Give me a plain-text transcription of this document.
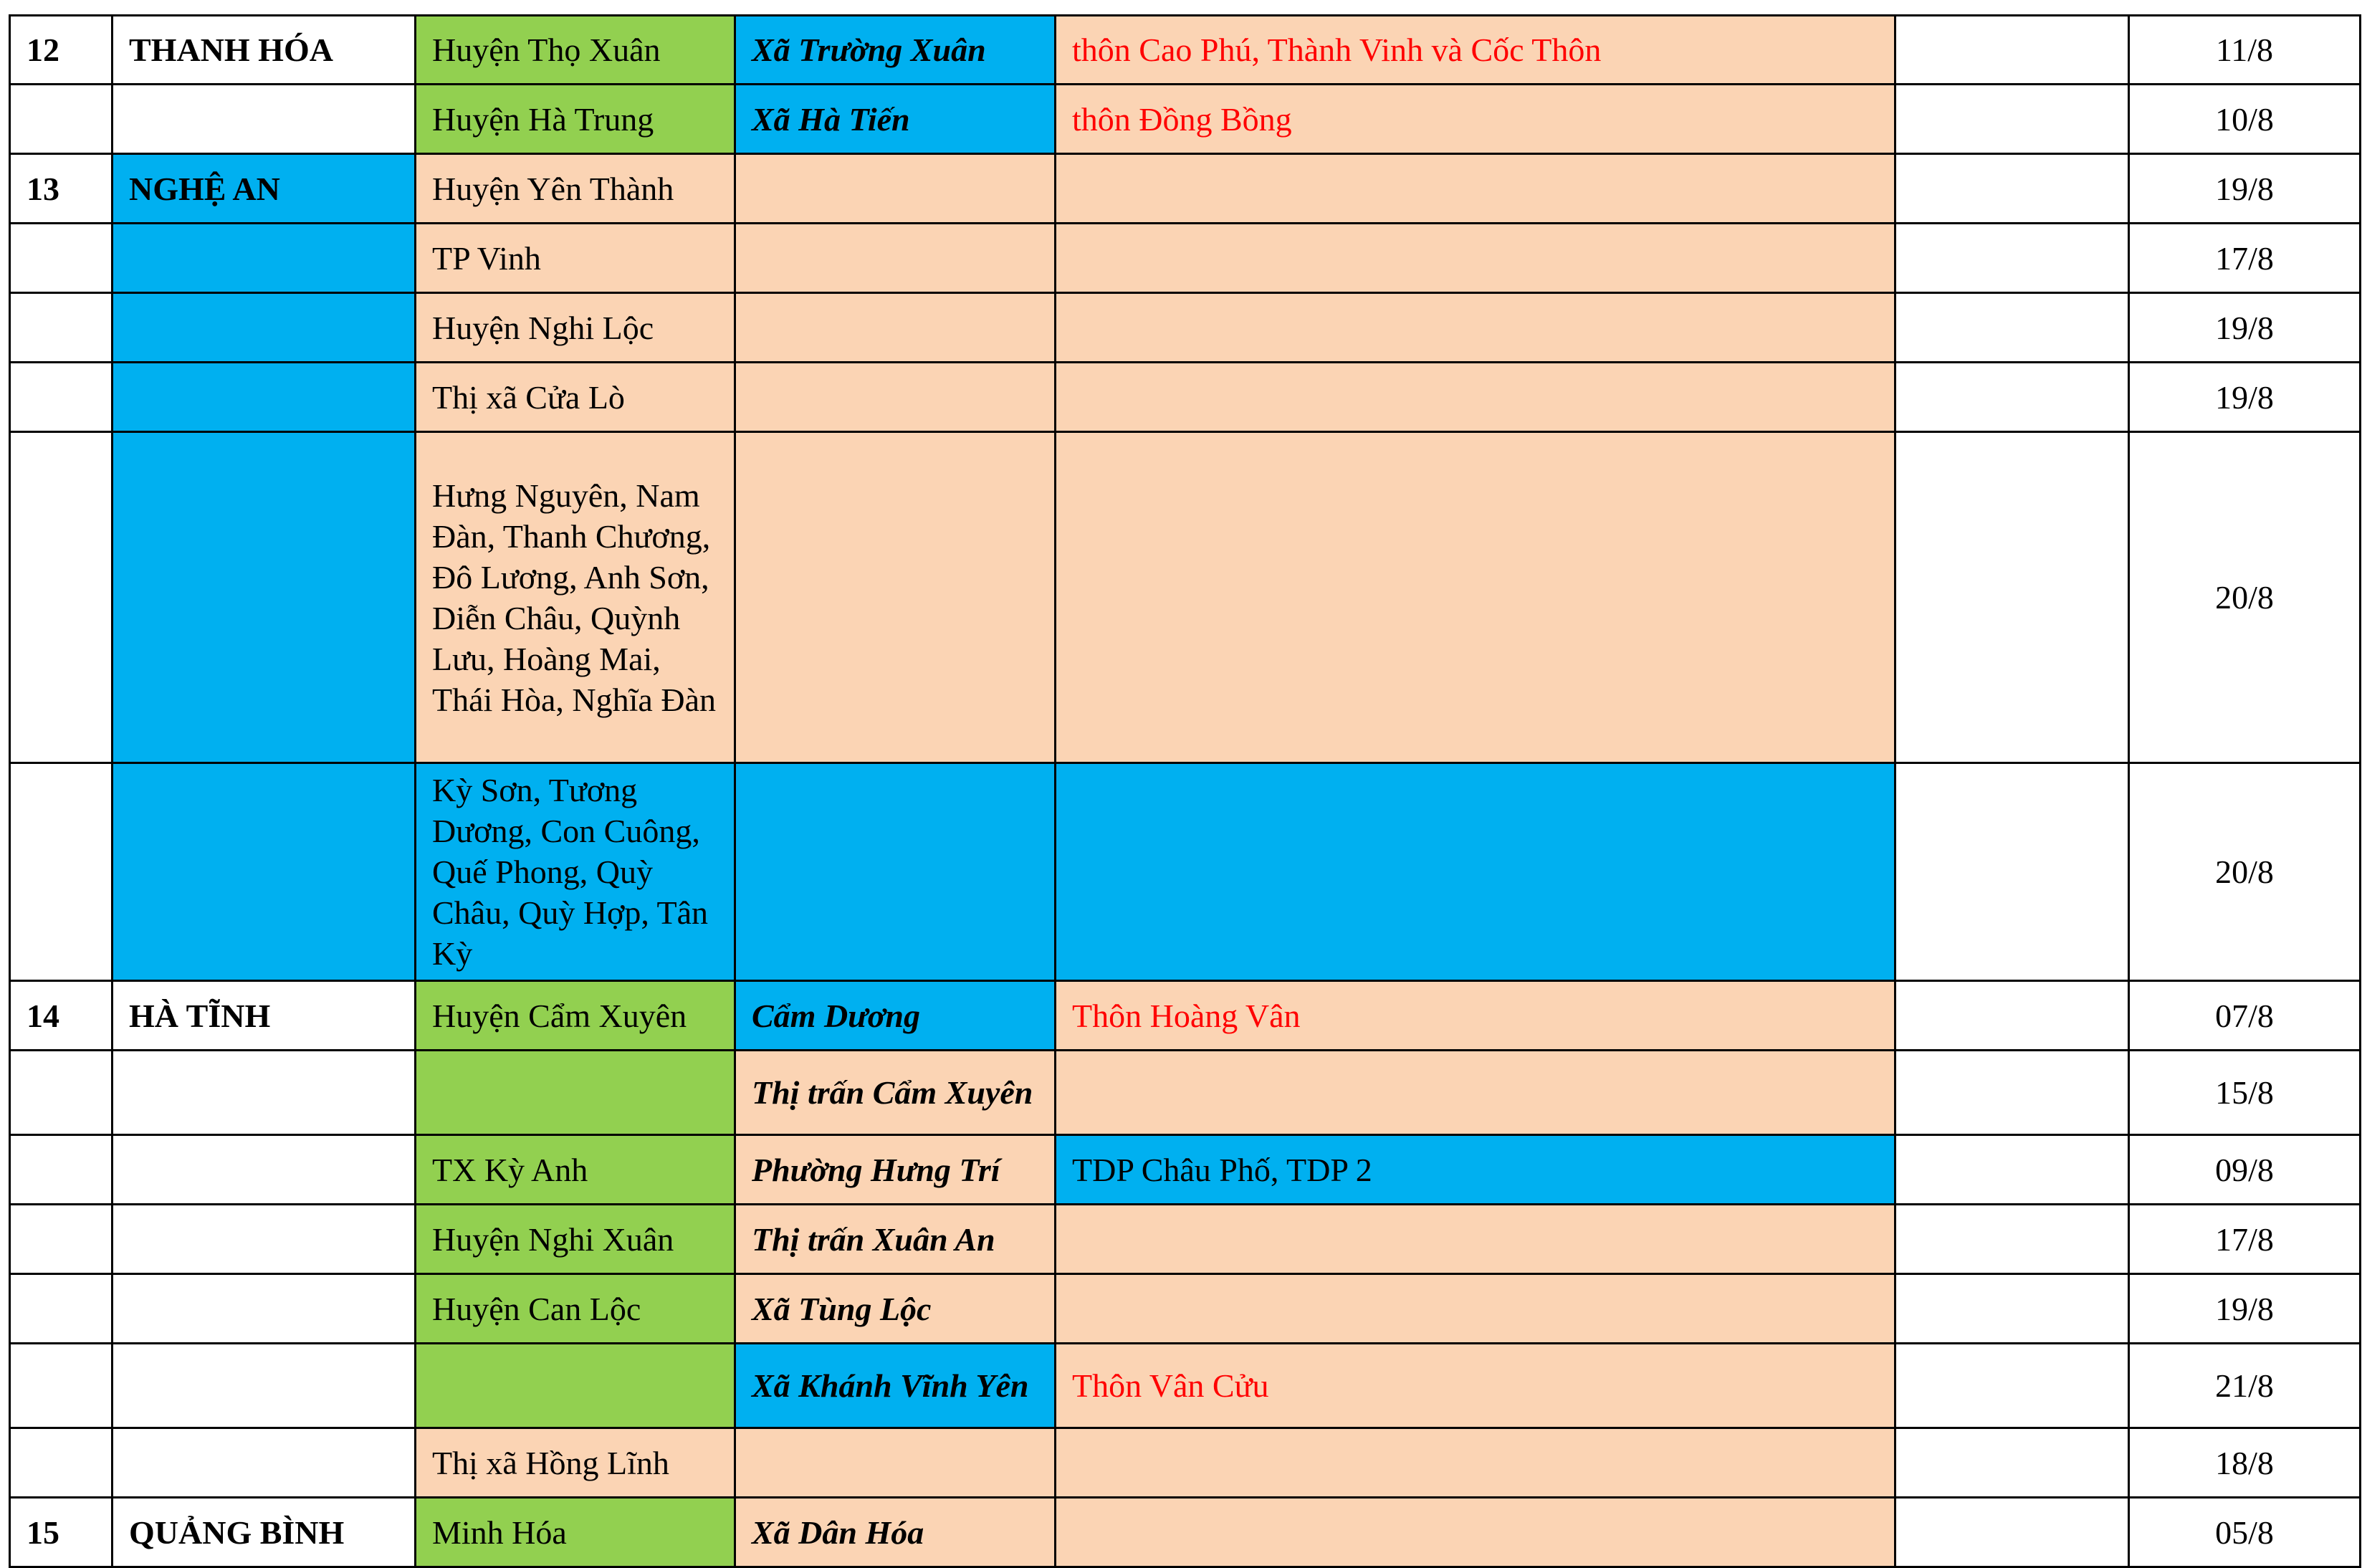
12	THANH HÓA	Huyện Thọ Xuân	Xã Trường Xuân	thôn Cao Phú, Thành Vinh và Cốc Thôn		11/8
		Huyện Hà Trung	Xã Hà Tiến	thôn Đồng Bồng		10/8
13	NGHỆ AN	Huyện Yên Thành				19/8
		TP Vinh				17/8
		Huyện Nghi Lộc				19/8
		Thị xã Cửa Lò				19/8
		Hưng Nguyên, Nam Đàn, Thanh Chương, Đô Lương, Anh Sơn, Diễn Châu, Quỳnh Lưu, Hoàng Mai, Thái Hòa, Nghĩa Đàn				20/8
		Kỳ Sơn, Tương Dương, Con Cuông, Quế Phong, Quỳ Châu, Quỳ Hợp, Tân Kỳ				20/8
14	HÀ TĨNH	Huyện Cẩm Xuyên	Cẩm Dương	Thôn Hoàng Vân		07/8
			Thị trấn Cẩm Xuyên			15/8
		TX Kỳ Anh	Phường Hưng Trí	TDP Châu Phố, TDP 2		09/8
		Huyện Nghi Xuân	Thị trấn Xuân An			17/8
		Huyện Can Lộc	Xã Tùng Lộc			19/8
			Xã Khánh Vĩnh Yên	Thôn Vân Cửu		21/8
		Thị xã Hồng Lĩnh				18/8
15	QUẢNG BÌNH	Minh Hóa	Xã Dân Hóa			05/8
